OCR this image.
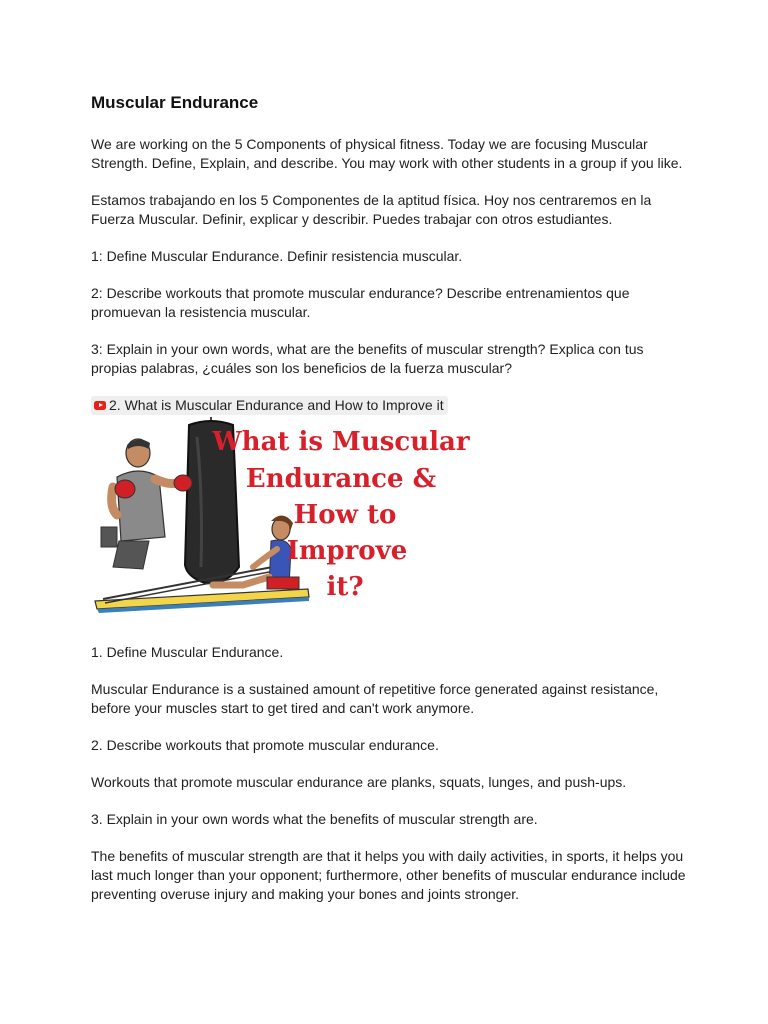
Muscular Endurance

We are working on the 5 Components of physical fitness. Today we are focusing Muscular Strength. Define, Explain, and describe. You may work with other students in a group if you like.

Estamos trabajando en los 5 Componentes de la aptitud física. Hoy nos centraremos en la Fuerza Muscular. Definir, explicar y describir. Puedes trabajar con otros estudiantes.

1: Define Muscular Endurance. Definir resistencia muscular.

2: Describe workouts that promote muscular endurance? Describe entrenamientos que promuevan la resistencia muscular.

3: Explain in your own words, what are the benefits of muscular strength? Explica con tus propias palabras, ¿cuáles son los beneficios de la fuerza muscular?

2. What is Muscular Endurance and How to Improve it
What is Muscular
Endurance &
How to
Improve
it?

1. Define Muscular Endurance.

Muscular Endurance is a sustained amount of repetitive force generated against resistance, before your muscles start to get tired and can't work anymore.

2. Describe workouts that promote muscular endurance.

Workouts that promote muscular endurance are planks, squats, lunges, and push-ups.

3. Explain in your own words what the benefits of muscular strength are.

The benefits of muscular strength are that it helps you with daily activities, in sports, it helps you last much longer than your opponent; furthermore, other benefits of muscular endurance include preventing overuse injury and making your bones and joints stronger.
